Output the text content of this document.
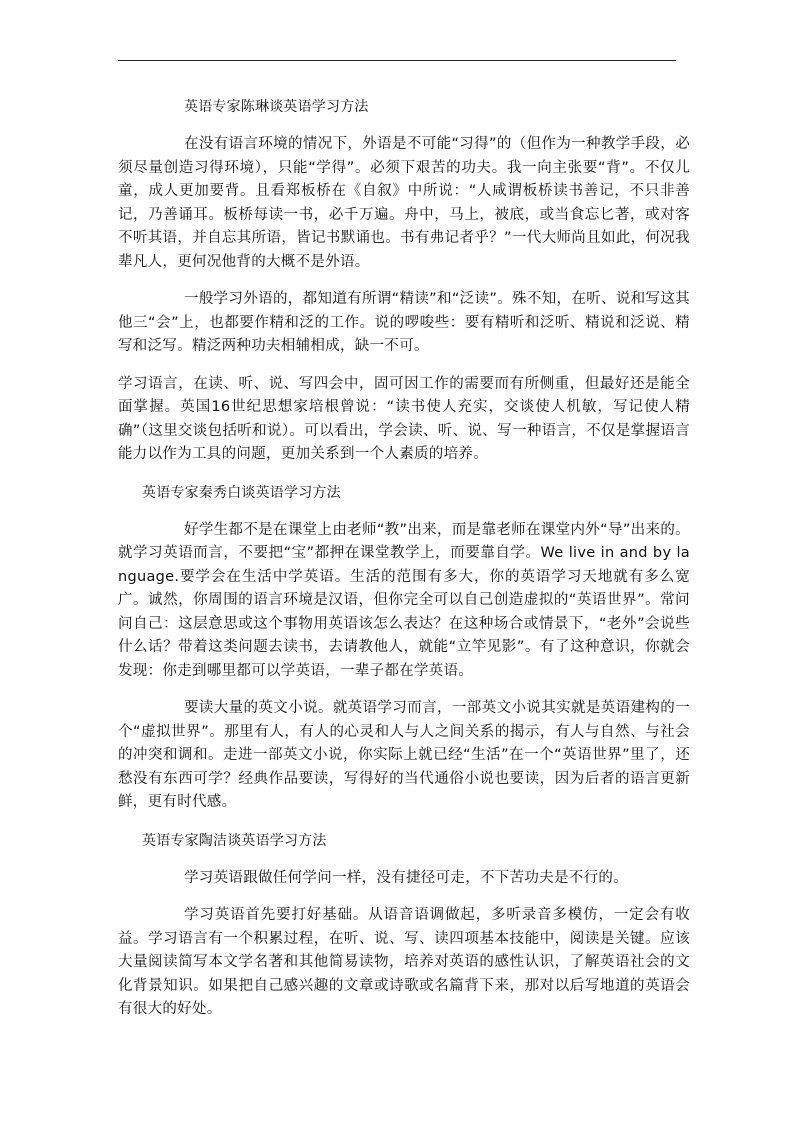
英语专家陈琳谈英语学习方法

在没有语言环境的情况下，外语是不可能“习得”的（但作为一种教学手段，必须尽量创造习得环境），只能“学得”。必须下艰苦的功夫。我一向主张要“背”。不仅儿童，成人更加要背。且看郑板桥在《自叙》中所说：“人咸谓板桥读书善记，不只非善记，乃善诵耳。板桥每读一书，必千万遍。舟中，马上，被底，或当食忘匕著，或对客不听其语，并自忘其所语，皆记书默诵也。书有弗记者乎？”一代大师尚且如此，何况我辈凡人，更何况他背的大概不是外语。

一般学习外语的，都知道有所谓“精读”和“泛读”。殊不知，在听、说和写这其他三“会”上，也都要作精和泛的工作。说的啰唆些：要有精听和泛听、精说和泛说、精写和泛写。精泛两种功夫相辅相成，缺一不可。

学习语言，在读、听、说、写四会中，固可因工作的需要而有所侧重，但最好还是能全面掌握。英国16世纪思想家培根曾说：“读书使人充实，交谈使人机敏，写记使人精确”（这里交谈包括听和说）。可以看出，学会读、听、说、写一种语言，不仅是掌握语言能力以作为工具的问题，更加关系到一个人素质的培养。

英语专家秦秀白谈英语学习方法

好学生都不是在课堂上由老师“教”出来，而是靠老师在课堂内外“导”出来的。就学习英语而言，不要把“宝”都押在课堂教学上，而要靠自学。We live in and by language.要学会在生活中学英语。生活的范围有多大，你的英语学习天地就有多么宽广。诚然，你周围的语言环境是汉语，但你完全可以自己创造虚拟的“英语世界”。常问问自己：这层意思或这个事物用英语该怎么表达？在这种场合或情景下，“老外”会说些什么话？带着这类问题去读书，去请教他人，就能“立竿见影”。有了这种意识，你就会发现：你走到哪里都可以学英语，一辈子都在学英语。

要读大量的英文小说。就英语学习而言，一部英文小说其实就是英语建构的一个“虚拟世界”。那里有人，有人的心灵和人与人之间关系的揭示，有人与自然、与社会的冲突和调和。走进一部英文小说，你实际上就已经“生活”在一个“英语世界”里了，还愁没有东西可学？经典作品要读，写得好的当代通俗小说也要读，因为后者的语言更新鲜，更有时代感。

英语专家陶洁谈英语学习方法

学习英语跟做任何学问一样，没有捷径可走，不下苦功夫是不行的。

学习英语首先要打好基础。从语音语调做起，多听录音多模仿，一定会有收益。学习语言有一个积累过程，在听、说、写、读四项基本技能中，阅读是关键。应该大量阅读简写本文学名著和其他简易读物，培养对英语的感性认识，了解英语社会的文化背景知识。如果把自己感兴趣的文章或诗歌或名篇背下来，那对以后写地道的英语会有很大的好处。
